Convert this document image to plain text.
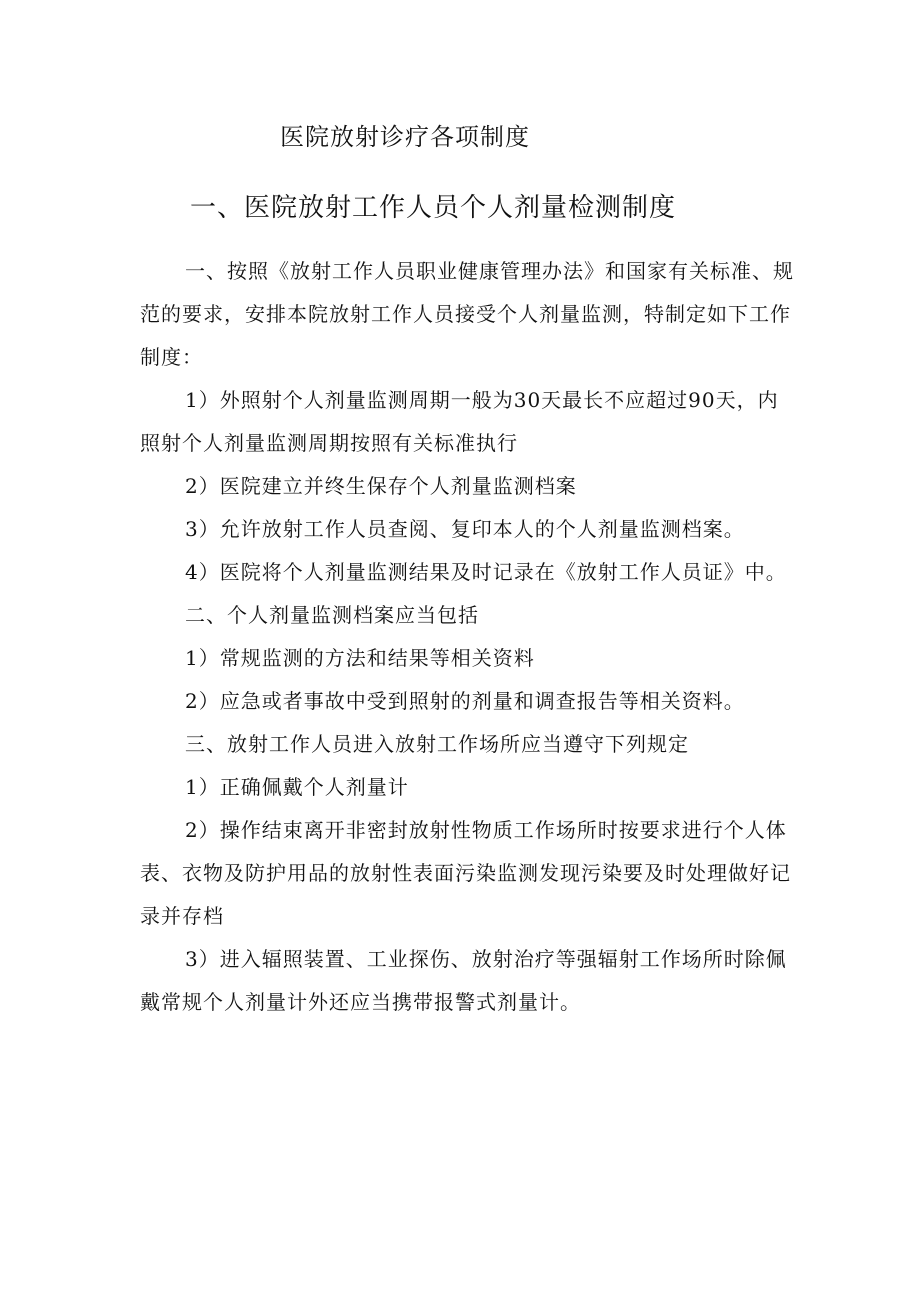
医院放射诊疗各项制度
一、医院放射工作人员个人剂量检测制度

一、按照《放射工作人员职业健康管理办法》和国家有关标准、规范的要求，安排本院放射工作人员接受个人剂量监测，特制定如下工作制度：

1）外照射个人剂量监测周期一般为30天最长不应超过90天，内照射个人剂量监测周期按照有关标准执行

2）医院建立并终生保存个人剂量监测档案

3）允许放射工作人员查阅、复印本人的个人剂量监测档案。

4）医院将个人剂量监测结果及时记录在《放射工作人员证》中。

二、个人剂量监测档案应当包括

1）常规监测的方法和结果等相关资料

2）应急或者事故中受到照射的剂量和调查报告等相关资料。

三、放射工作人员进入放射工作场所应当遵守下列规定

1）正确佩戴个人剂量计

2）操作结束离开非密封放射性物质工作场所时按要求进行个人体表、衣物及防护用品的放射性表面污染监测发现污染要及时处理做好记录并存档

3）进入辐照装置、工业探伤、放射治疗等强辐射工作场所时除佩戴常规个人剂量计外还应当携带报警式剂量计。
